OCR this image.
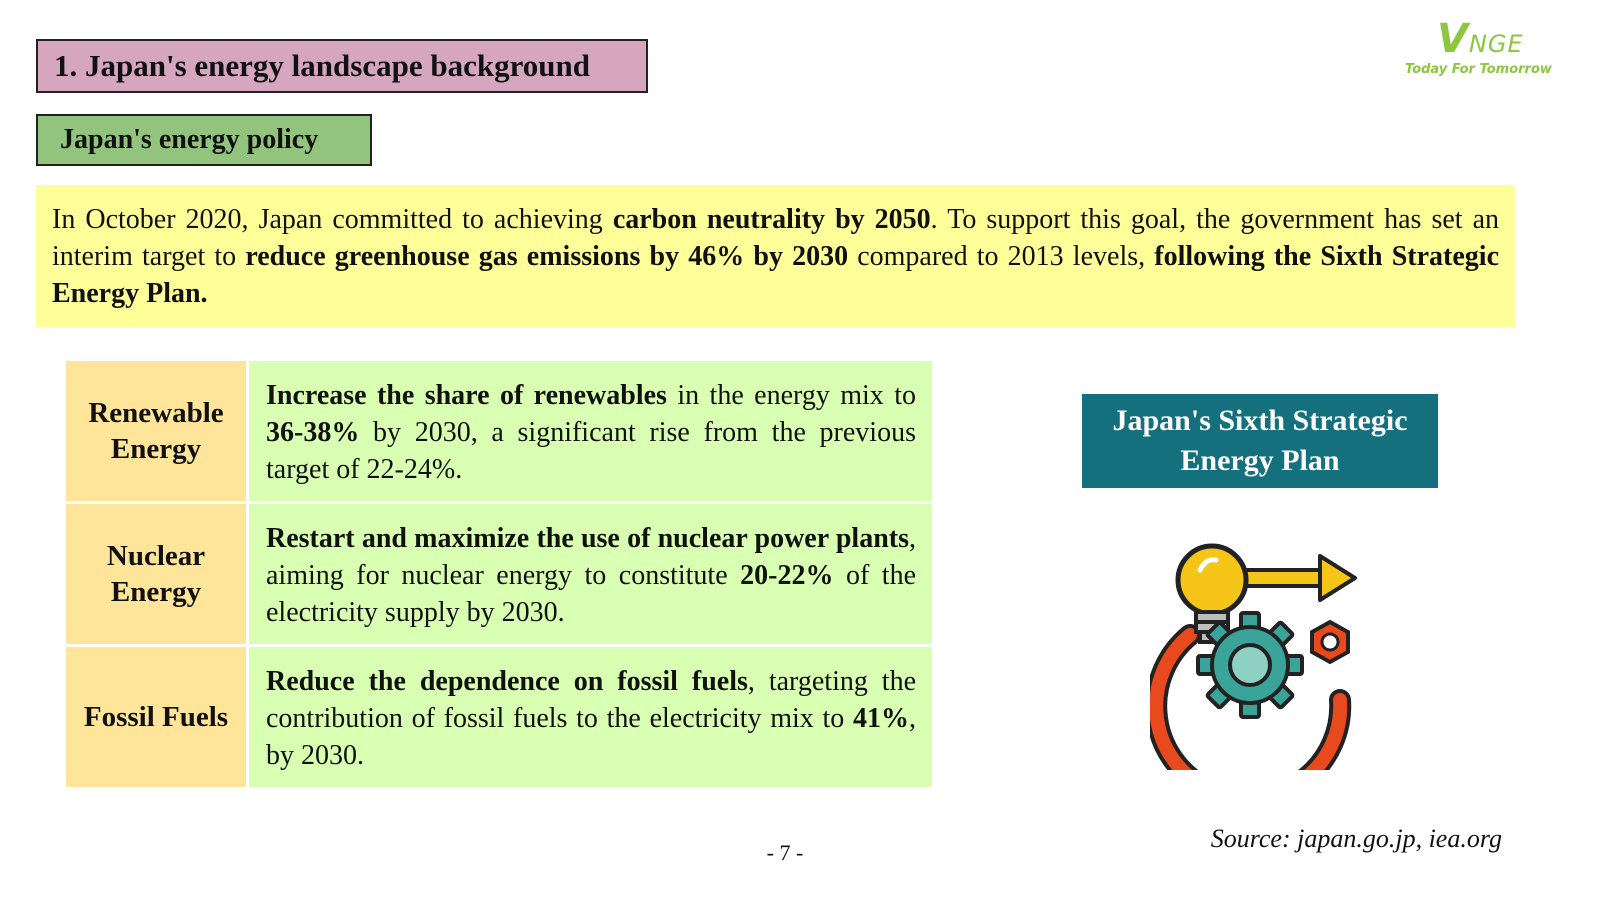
1. Japan's energy landscape background
Japan's energy policy
VNGE
Today For Tomorrow
In October 2020, Japan committed to achieving carbon neutrality by 2050. To support this goal, the government has set an interim target to reduce greenhouse gas emissions by 46% by 2030 compared to 2013 levels, following the Sixth Strategic Energy Plan.
Renewable Energy
Increase the share of renewables in the energy mix to 36-38% by 2030, a significant rise from the previous target of 22-24%.
Nuclear Energy
Restart and maximize the use of nuclear power plants, aiming for nuclear energy to constitute 20-22% of the electricity supply by 2030.
Fossil Fuels
Reduce the dependence on fossil fuels, targeting the contribution of fossil fuels to the electricity mix to 41%, by 2030.
Japan's Sixth Strategic Energy Plan
- 7 -	Source: japan.go.jp, iea.org
